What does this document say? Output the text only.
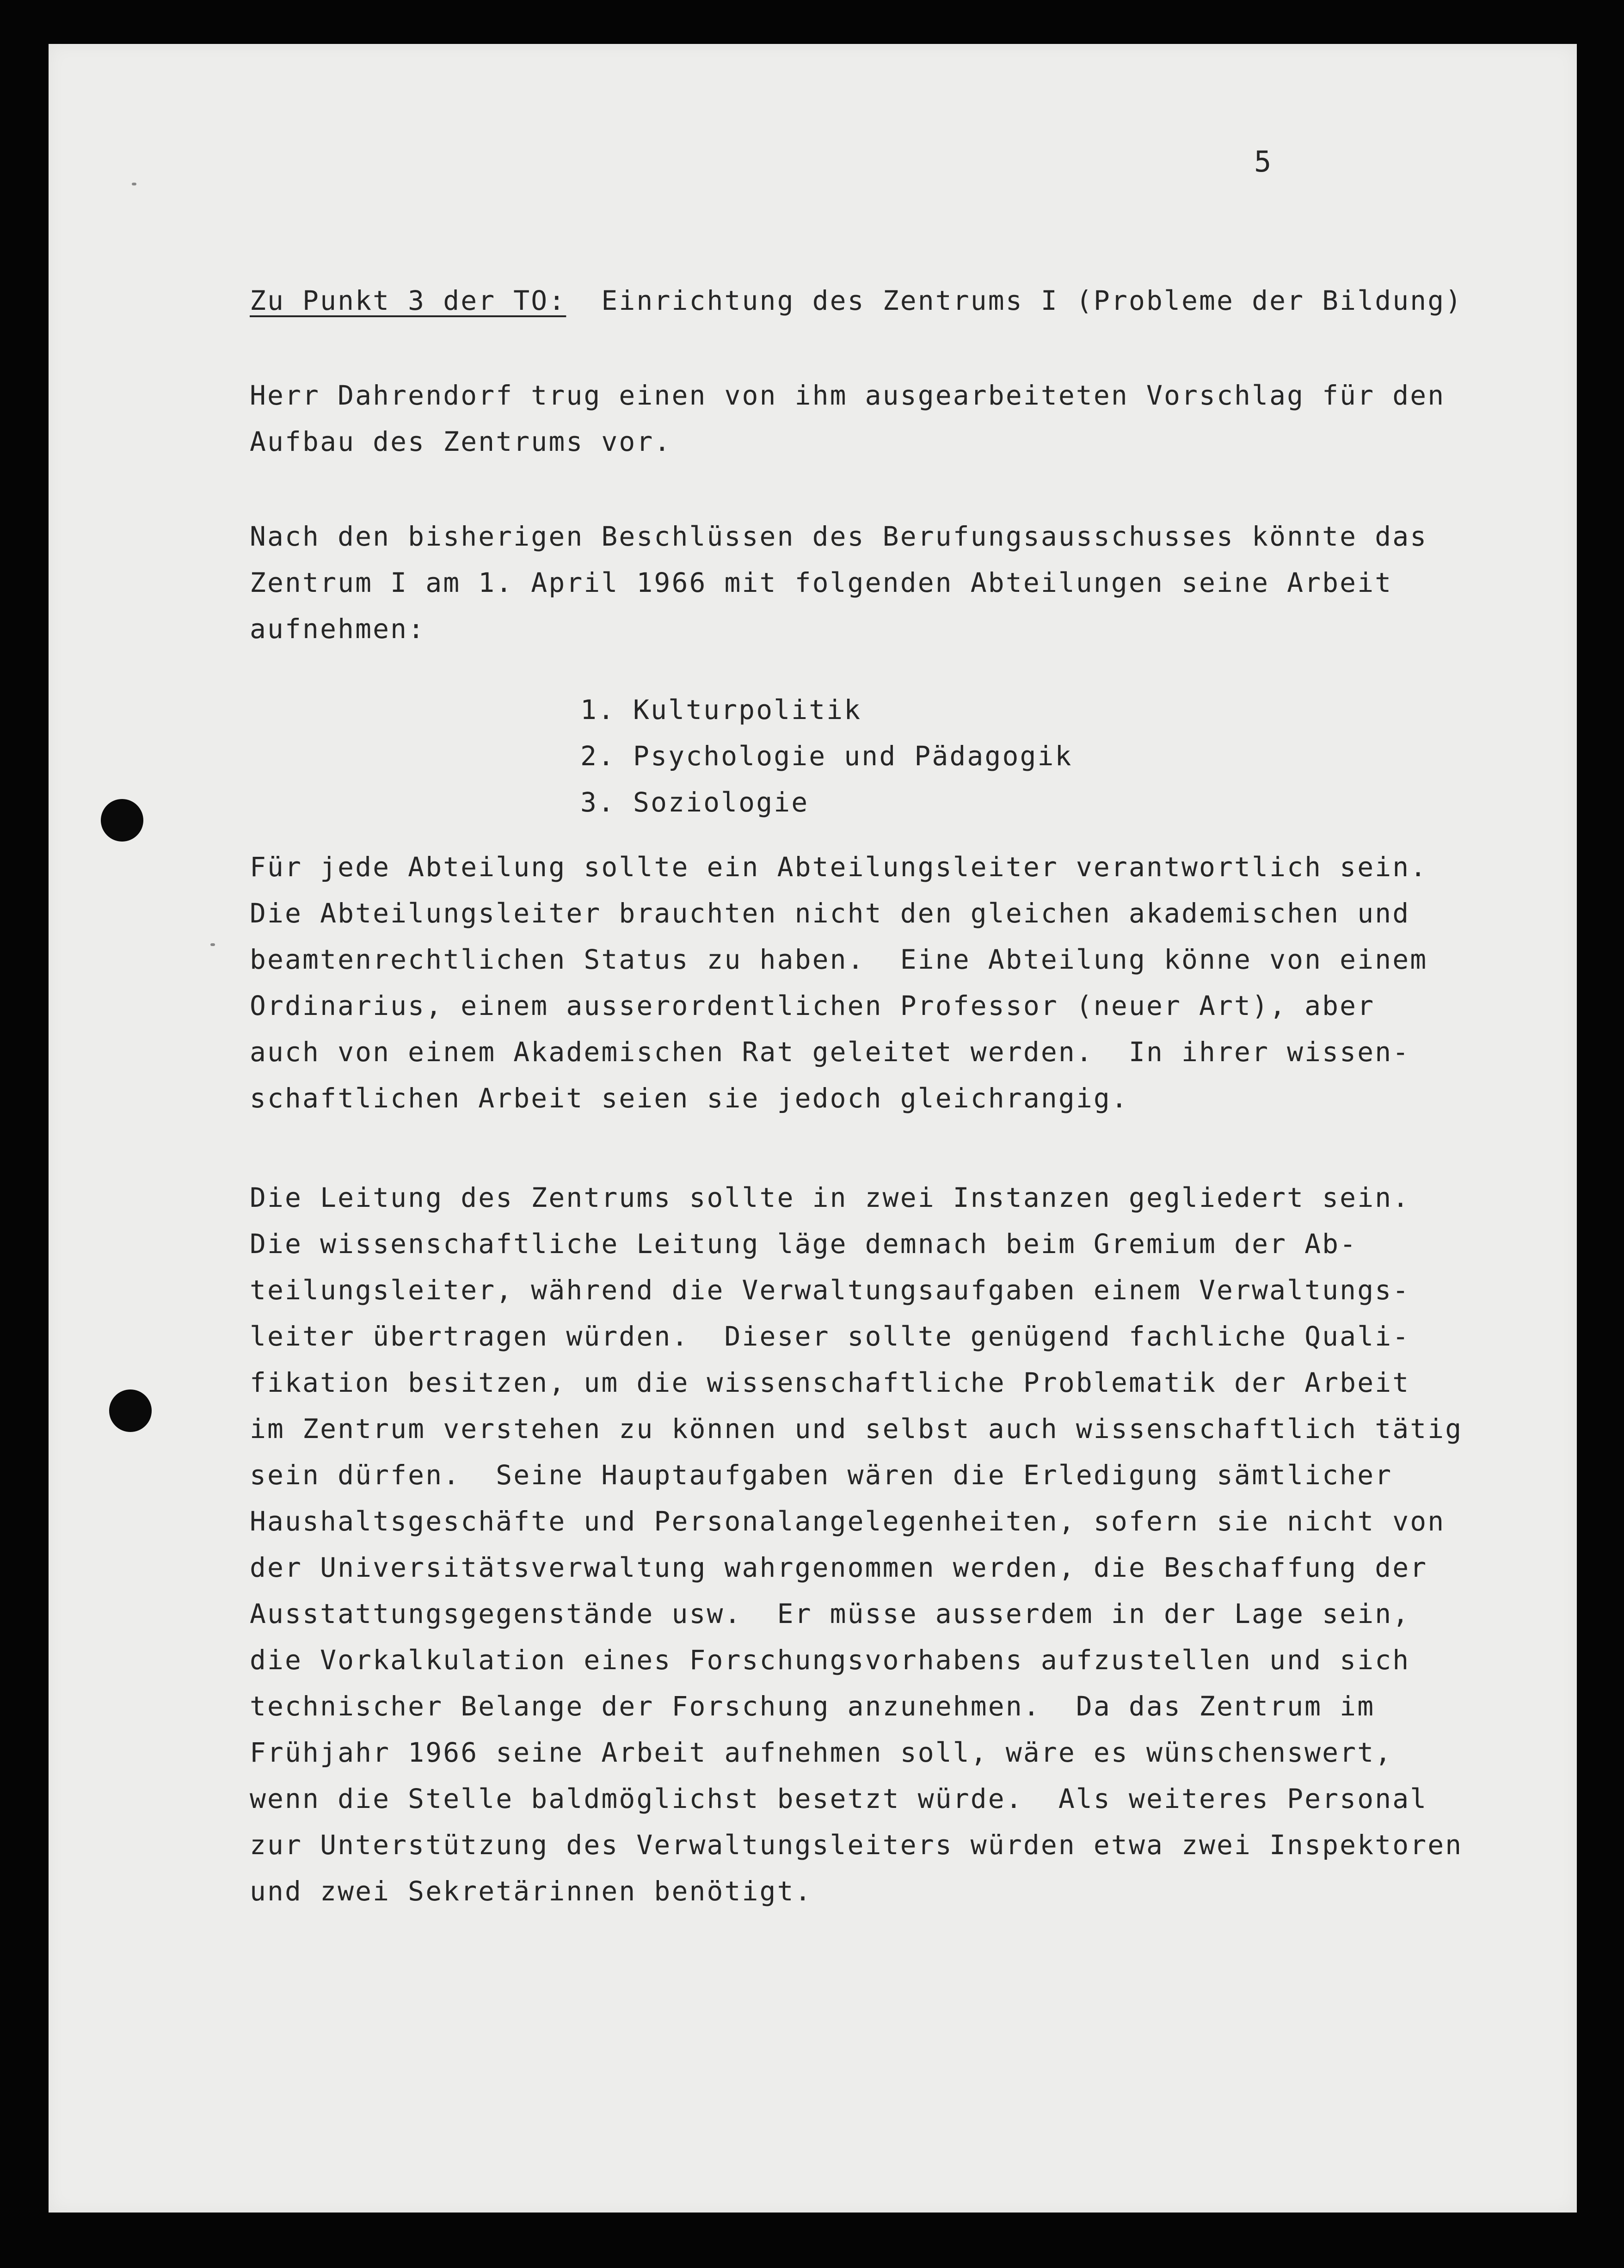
5
Zu Punkt 3 der TO: Einrichtung des Zentrums I (Probleme der Bildung)
Herr Dahrendorf trug einen von ihm ausgearbeiteten Vorschlag für den
Aufbau des Zentrums vor.
Nach den bisherigen Beschlüssen des Berufungsausschusses könnte das
Zentrum I am 1. April 1966 mit folgenden Abteilungen seine Arbeit
aufnehmen:
1. Kulturpolitik
2. Psychologie und Pädagogik
3. Soziologie
Für jede Abteilung sollte ein Abteilungsleiter verantwortlich sein.
Die Abteilungsleiter brauchten nicht den gleichen akademischen und
beamtenrechtlichen Status zu haben.  Eine Abteilung könne von einem
Ordinarius, einem ausserordentlichen Professor (neuer Art), aber
auch von einem Akademischen Rat geleitet werden.  In ihrer wissen-
schaftlichen Arbeit seien sie jedoch gleichrangig.
Die Leitung des Zentrums sollte in zwei Instanzen gegliedert sein.
Die wissenschaftliche Leitung läge demnach beim Gremium der Ab-
teilungsleiter, während die Verwaltungsaufgaben einem Verwaltungs-
leiter übertragen würden.  Dieser sollte genügend fachliche Quali-
fikation besitzen, um die wissenschaftliche Problematik der Arbeit
im Zentrum verstehen zu können und selbst auch wissenschaftlich tätig
sein dürfen.  Seine Hauptaufgaben wären die Erledigung sämtlicher
Haushaltsgeschäfte und Personalangelegenheiten, sofern sie nicht von
der Universitätsverwaltung wahrgenommen werden, die Beschaffung der
Ausstattungsgegenstände usw.  Er müsse ausserdem in der Lage sein,
die Vorkalkulation eines Forschungsvorhabens aufzustellen und sich
technischer Belange der Forschung anzunehmen.  Da das Zentrum im
Frühjahr 1966 seine Arbeit aufnehmen soll, wäre es wünschenswert,
wenn die Stelle baldmöglichst besetzt würde.  Als weiteres Personal
zur Unterstützung des Verwaltungsleiters würden etwa zwei Inspektoren
und zwei Sekretärinnen benötigt.
